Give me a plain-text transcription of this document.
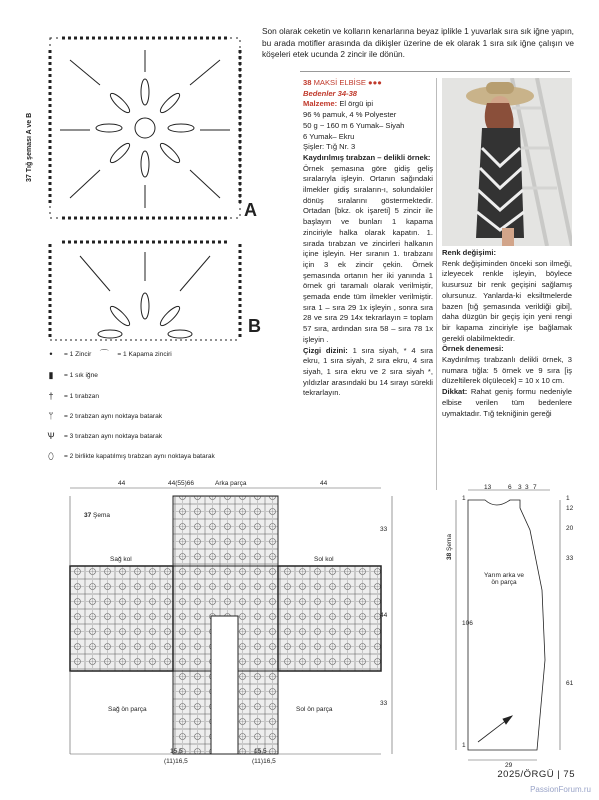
Son olarak ceketin ve kolların kenarlarına beyaz iplikle 1 yuvarlak sıra sık iğne yapın, bu arada motifler arasında da dikişler üzerine de ek olarak 1 sıra sık iğne çalışın ve köşeleri etek ucunda 2 zincir ile dönün.
37 Tığ şeması A ve B
A
B
•	= 1 Zincir ⌒	= 1 Kapama zinciri
▮	= 1 sık iğne
†	= 1 tırabzan
ᛘ	= 2 tırabzan aynı noktaya batarak
Ѱ	= 3 tırabzan aynı noktaya batarak
⬯	= 2 birlikte kapatılmış tırabzan aynı noktaya batarak

38 MAKSİ ELBİSE ●●●

Bedenler 34-38

Malzeme: El örgü ipi

96 % pamuk, 4 % Polyester

50 g ~ 160 m 6 Yumak– Siyah

6 Yumak– Ekru

Şişler: Tığ Nr. 3

Kaydırılmış tırabzan – delikli örnek:

Örnek şemasına göre gidiş geliş sıralarıyla işleyin. Ortanın sağındaki ilmekler gidiş sıraların-ı, solundakiler dönüş sıralarını göstermektedir. Ortadan [bkz. ok işareti] 5 zincir ile başlayın ve bunları 1 kapama zinciriyle halka olarak kapatın. 1. sırada tırabzan ve zincirleri halkanın içine işleyin. Her sıranın 1. tırabzanı için 3 ek zincir çekin. Örnek şemasında ortanın her iki yanında 1 örnek gri taramalı olarak verilmiştir, şemada ende tüm ilmekler verilmiştir. sıra 1 – sıra 29 1x işleyin , sonra sıra 28 ve sıra 29 14x tekrarlayın = toplam 57 sıra, ardından sıra 58 – sıra 78 1x işleyin .

Çizgi dizini: 1 sıra siyah, * 4 sıra ekru, 1 sıra siyah, 2 sıra ekru, 4 sıra siyah, 1 sıra ekru ve 2 sıra siyah *, yıldızlar arasındaki bu 14 sırayı sürekli tekrarlayın.

Renk değişimi:

Renk değişiminden önceki son ilmeği, izleyecek renkle işleyin, böylece kusursuz bir renk geçişini sağlamış olursunuz. Yanlarda-ki eksiltmelerde bazen [tığ şemasında verildiği gibi], daha düzgün bir geçiş için yeni rengi bir kapama zinciriyle işe bağlamak gerekli olabilmektedir.

Örnek denemesi:

Kaydırılmış tırabzanlı delikli örnek, 3 numara tığla: 5 örnek ve 9 sıra [iş düzeltilerek ölçülecek] = 10 x 10 cm.

Dikkat: Rahat geniş formu nedeniyle elbise verilen tüm bedenlere uymaktadır. Tığ tekniğinin gereği

44	44(55)66	Arka parça	44
37 Şema
Sağ kol	Sol kol
Sağ ön parça	Sol ön parça
33
44
33
15,5	15,5
(11)16,5	(11)16,5
13	6 3 3 7
12
20
33
106
61
29
1
1
1
Yarım arka ve ön parça
38 Şema
2025/ÖRGÜ | 75
PassionForum.ru
